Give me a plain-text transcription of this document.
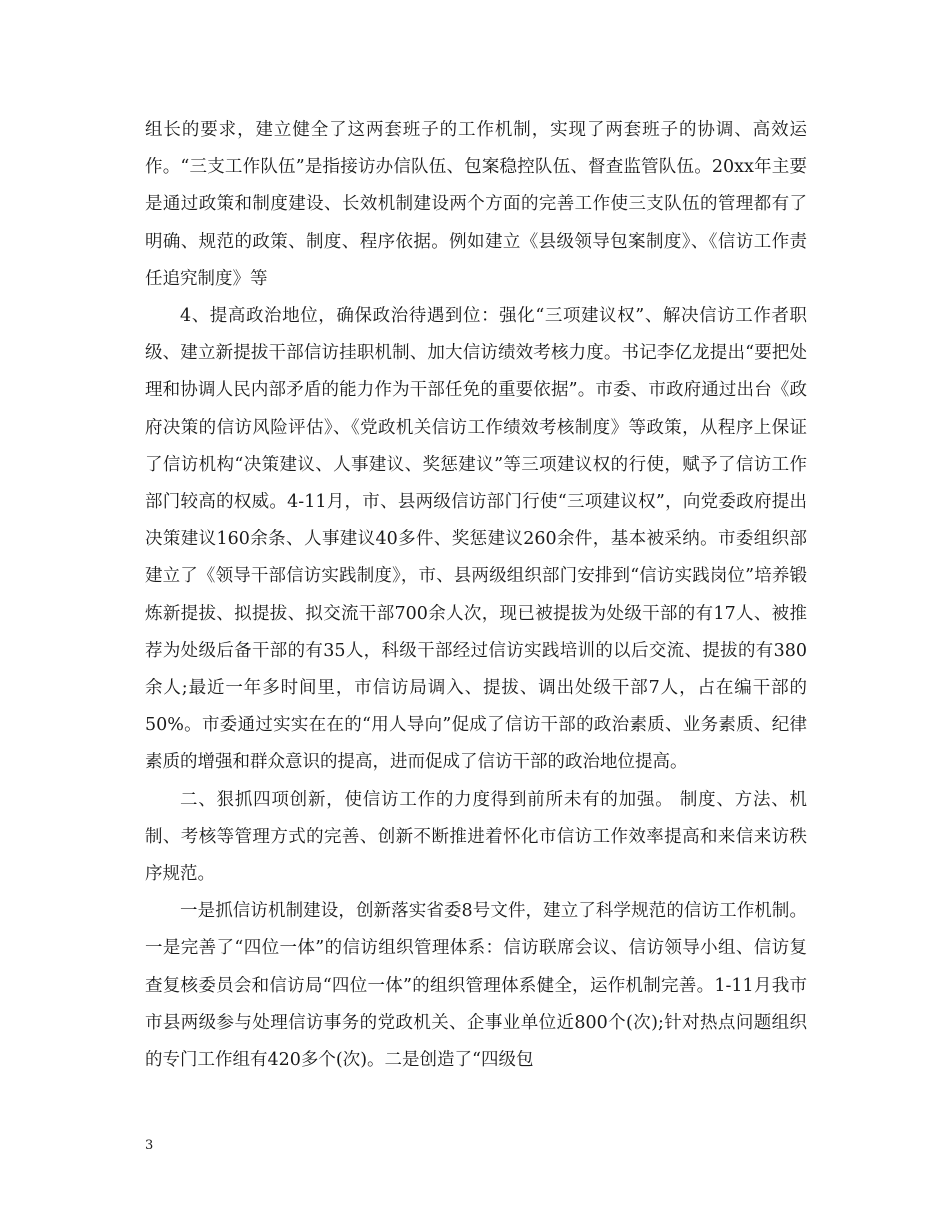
组长的要求，建立健全了这两套班子的工作机制，实现了两套班子的协调、高效运作。“三支工作队伍”是指接访办信队伍、包案稳控队伍、督查监管队伍。20xx年主要是通过政策和制度建设、长效机制建设两个方面的完善工作使三支队伍的管理都有了明确、规范的政策、制度、程序依据。例如建立《县级领导包案制度》、《信访工作责任追究制度》等

4、提高政治地位，确保政治待遇到位：强化“三项建议权”、解决信访工作者职级、建立新提拔干部信访挂职机制、加大信访绩效考核力度。书记李亿龙提出“要把处理和协调人民内部矛盾的能力作为干部任免的重要依据”。市委、市政府通过出台《政府决策的信访风险评估》、《党政机关信访工作绩效考核制度》等政策，从程序上保证了信访机构“决策建议、人事建议、奖惩建议”等三项建议权的行使，赋予了信访工作部门较高的权威。4-11月，市、县两级信访部门行使“三项建议权”，向党委政府提出决策建议160余条、人事建议40多件、奖惩建议260余件，基本被采纳。市委组织部建立了《领导干部信访实践制度》，市、县两级组织部门安排到“信访实践岗位”培养锻炼新提拔、拟提拔、拟交流干部700余人次，现已被提拔为处级干部的有17人、被推荐为处级后备干部的有35人，科级干部经过信访实践培训的以后交流、提拔的有380余人;最近一年多时间里，市信访局调入、提拔、调出处级干部7人，占在编干部的50%。市委通过实实在在的“用人导向”促成了信访干部的政治素质、业务素质、纪律素质的增强和群众意识的提高，进而促成了信访干部的政治地位提高。

二、狠抓四项创新，使信访工作的力度得到前所未有的加强。 制度、方法、机制、考核等管理方式的完善、创新不断推进着怀化市信访工作效率提高和来信来访秩序规范。

一是抓信访机制建设，创新落实省委8号文件，建立了科学规范的信访工作机制。一是完善了“四位一体”的信访组织管理体系：信访联席会议、信访领导小组、信访复查复核委员会和信访局“四位一体”的组织管理体系健全，运作机制完善。1-11月我市市县两级参与处理信访事务的党政机关、企事业单位近800个(次);针对热点问题组织的专门工作组有420多个(次)。二是创造了“四级包

3
